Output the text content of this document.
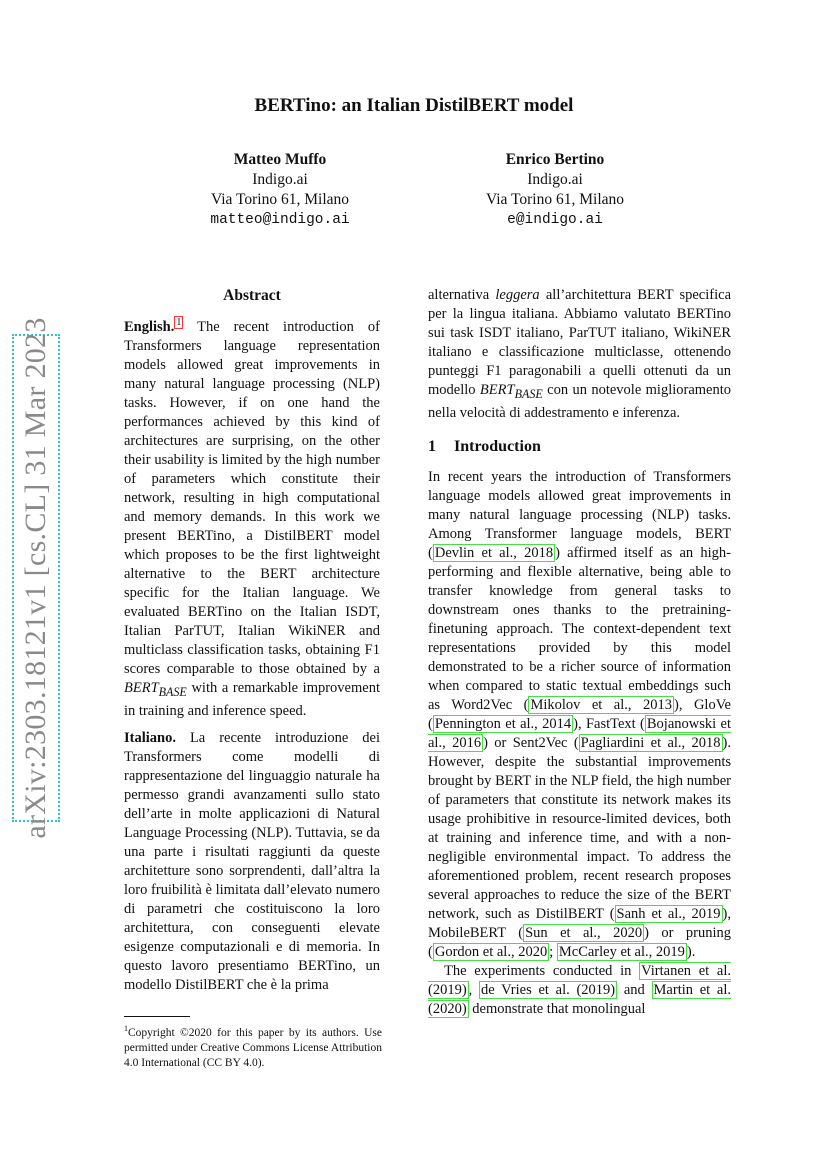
arXiv:2303.18121v1 [cs.CL] 31 Mar 2023
BERTino: an Italian DistilBERT model
Matteo Muffo
Indigo.ai
Via Torino 61, Milano
matteo@indigo.ai
Enrico Bertino
Indigo.ai
Via Torino 61, Milano
e@indigo.ai

Abstract

English. $^1$ The recent introduction of Transformers language representation models allowed great improvements in many natural language processing (NLP) tasks. However, if on one hand the performances achieved by this kind of architectures are surprising, on the other their usability is limited by the high number of parameters which constitute their network, resulting in high computational and memory demands. In this work we present BERTino, a DistilBERT model which proposes to be the first lightweight alternative to the BERT architecture specific for the Italian language. We evaluated BERTino on the Italian ISDT, Italian ParTUT, Italian WikiNER and multiclass classification tasks, obtaining F1 scores comparable to those obtained by a $BERT_{BASE}$ with a remarkable improvement in training and inference speed.

Italiano. La recente introduzione dei Transformers come modelli di rappresentazione del linguaggio naturale ha permesso grandi avanzamenti sullo stato dell’arte in molte applicazioni di Natural Language Processing (NLP). Tuttavia, se da una parte i risultati raggiunti da queste architetture sono sorprendenti, dall’altra la loro fruibilità è limitata dall’elevato numero di parametri che costituiscono la loro architettura, con conseguenti elevate esigenze computazionali e di memoria. In questo lavoro presentiamo BERTino, un modello DistilBERT che è la prima

alternativa leggera all’architettura BERT specifica per la lingua italiana. Abbiamo valutato BERTino sui task ISDT italiano, ParTUT italiano, WikiNER italiano e classificazione multiclasse, ottenendo punteggi F1 paragonabili a quelli ottenuti da un modello $BERT_{BASE}$ con un notevole miglioramento nella velocità di addestramento e inferenza.

1 Introduction

In recent years the introduction of Transformers language models allowed great improvements in many natural language processing (NLP) tasks. Among Transformer language models, BERT ( Devlin et al., 2018 ) affirmed itself as an high-performing and flexible alternative, being able to transfer knowledge from general tasks to downstream ones thanks to the pretraining-finetuning approach. The context-dependent text representations provided by this model demonstrated to be a richer source of information when compared to static textual embeddings such as Word2Vec ( Mikolov et al., 2013 ), GloVe ( Pennington et al., 2014 ), FastText ( Bojanowski et al., 2016 ) or Sent2Vec ( Pagliardini et al., 2018 ). However, despite the substantial improvements brought by BERT in the NLP field, the high number of parameters that constitute its network makes its usage prohibitive in resource-limited devices, both at training and inference time, and with a non-negligible environmental impact. To address the aforementioned problem, recent research proposes several approaches to reduce the size of the BERT network, such as DistilBERT ( Sanh et al., 2019 ), MobileBERT ( Sun et al., 2020 ) or pruning ( Gordon et al., 2020 ; McCarley et al., 2019 ).

The experiments conducted in Virtanen et al. (2019) , de Vries et al. (2019) and Martin et al. (2020) demonstrate that monolingual

$^1$Copyright ©2020 for this paper by its authors. Use permitted under Creative Commons License Attribution 4.0 International (CC BY 4.0).
